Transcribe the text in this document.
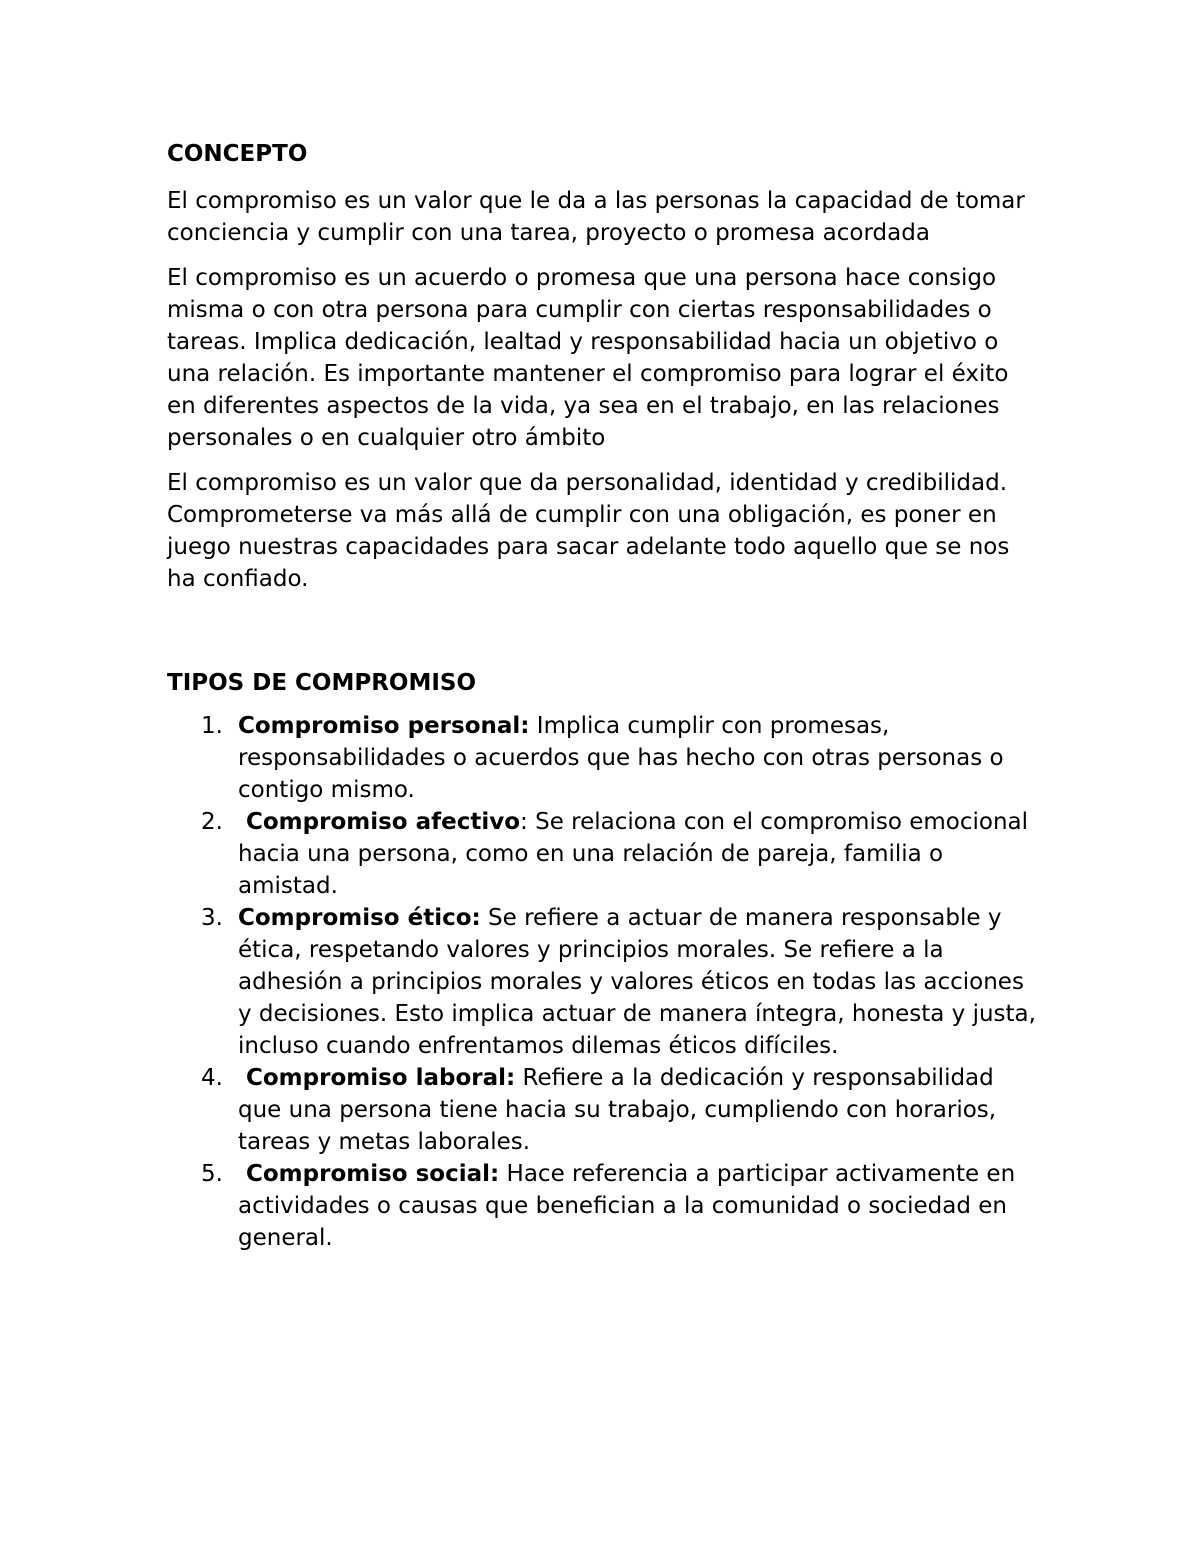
CONCEPTO

El compromiso es un valor que le da a las personas la capacidad de tomar conciencia y cumplir con una tarea, proyecto o promesa acordada

El compromiso es un acuerdo o promesa que una persona hace consigo misma o con otra persona para cumplir con ciertas responsabilidades o tareas. Implica dedicación, lealtad y responsabilidad hacia un objetivo o una relación. Es importante mantener el compromiso para lograr el éxito en diferentes aspectos de la vida, ya sea en el trabajo, en las relaciones personales o en cualquier otro ámbito

El compromiso es un valor que da personalidad, identidad y credibilidad. Comprometerse va más allá de cumplir con una obligación, es poner en juego nuestras capacidades para sacar adelante todo aquello que se nos ha confiado.

TIPOS DE COMPROMISO

1. Compromiso personal: Implica cumplir con promesas, responsabilidades o acuerdos que has hecho con otras personas o contigo mismo.
2. Compromiso afectivo: Se relaciona con el compromiso emocional hacia una persona, como en una relación de pareja, familia o amistad.
3. Compromiso ético: Se refiere a actuar de manera responsable y ética, respetando valores y principios morales. Se refiere a la adhesión a principios morales y valores éticos en todas las acciones y decisiones. Esto implica actuar de manera íntegra, honesta y justa, incluso cuando enfrentamos dilemas éticos difíciles.
4. Compromiso laboral: Refiere a la dedicación y responsabilidad que una persona tiene hacia su trabajo, cumpliendo con horarios, tareas y metas laborales.
5. Compromiso social: Hace referencia a participar activamente en actividades o causas que benefician a la comunidad o sociedad en general.
